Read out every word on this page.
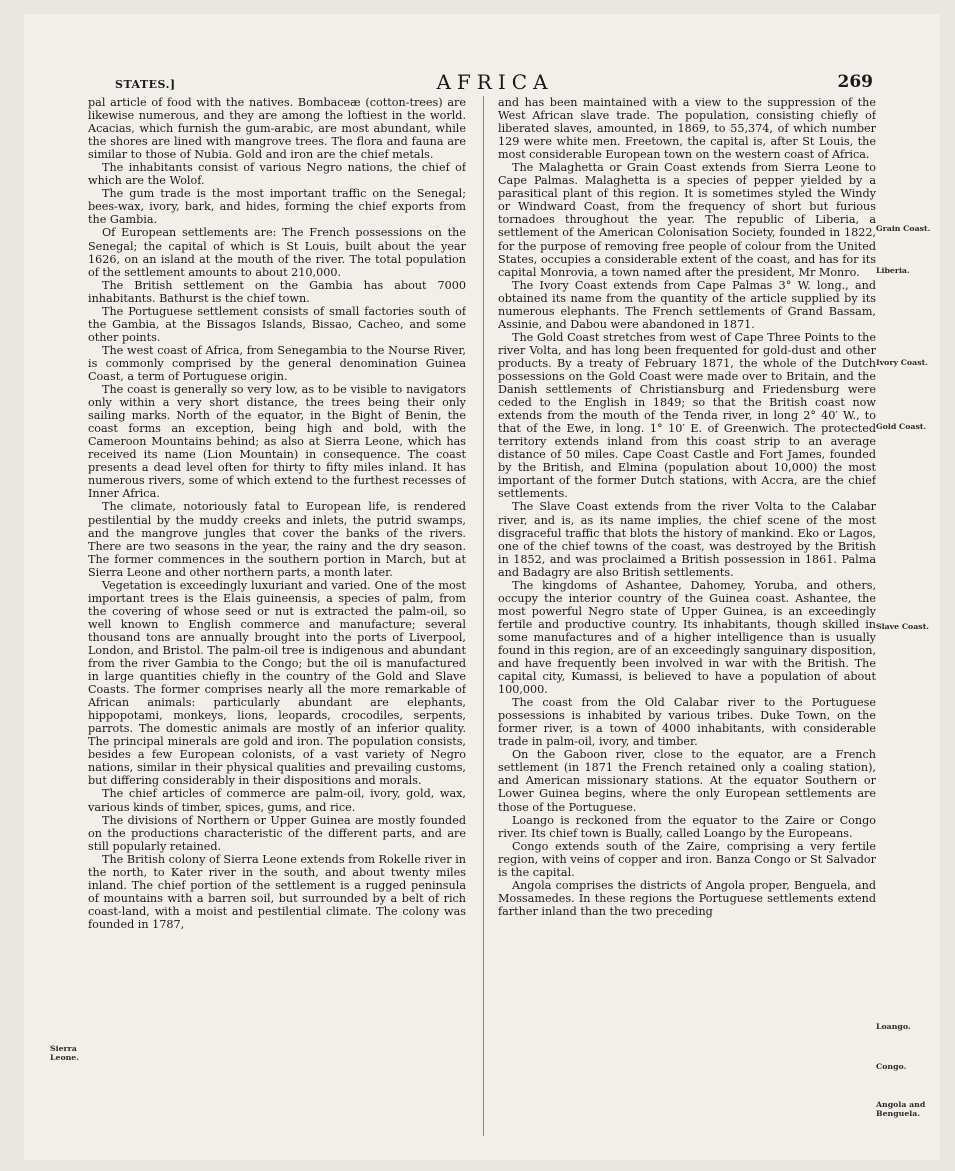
STATES.]	AFRICA	269

pal article of food with the natives. Bombaceæ (cotton-trees) are likewise numerous, and they are among the loftiest in the world. Acacias, which furnish the gum-arabic, are most abundant, while the shores are lined with mangrove trees. The flora and fauna are similar to those of Nubia. Gold and iron are the chief metals.

The inhabitants consist of various Negro nations, the chief of which are the Wolof.

The gum trade is the most important traffic on the Senegal; bees-wax, ivory, bark, and hides, forming the chief exports from the Gambia.

Of European settlements are: The French possessions on the Senegal; the capital of which is St Louis, built about the year 1626, on an island at the mouth of the river. The total population of the settlement amounts to about 210,000.

The British settlement on the Gambia has about 7000 inhabitants. Bathurst is the chief town.

The Portuguese settlement consists of small factories south of the Gambia, at the Bissagos Islands, Bissao, Cacheo, and some other points.

The west coast of Africa, from Senegambia to the Nourse River, is commonly comprised by the general denomination Guinea Coast, a term of Portuguese origin.

The coast is generally so very low, as to be visible to navigators only within a very short distance, the trees being their only sailing marks. North of the equator, in the Bight of Benin, the coast forms an exception, being high and bold, with the Cameroon Mountains behind; as also at Sierra Leone, which has received its name (Lion Mountain) in consequence. The coast presents a dead level often for thirty to fifty miles inland. It has numerous rivers, some of which extend to the furthest recesses of Inner Africa.

The climate, notoriously fatal to European life, is rendered pestilential by the muddy creeks and inlets, the putrid swamps, and the mangrove jungles that cover the banks of the rivers. There are two seasons in the year, the rainy and the dry season. The former commences in the southern portion in March, but at Sierra Leone and other northern parts, a month later.

Vegetation is exceedingly luxuriant and varied. One of the most important trees is the Elais guineensis, a species of palm, from the covering of whose seed or nut is extracted the palm-oil, so well known to English commerce and manufacture; several thousand tons are annually brought into the ports of Liverpool, London, and Bristol. The palm-oil tree is indigenous and abundant from the river Gambia to the Congo; but the oil is manufactured in large quantities chiefly in the country of the Gold and Slave Coasts. The former comprises nearly all the more remarkable of African animals: particularly abundant are elephants, hippopotami, monkeys, lions, leopards, crocodiles, serpents, parrots. The domestic animals are mostly of an inferior quality. The principal minerals are gold and iron. The population consists, besides a few European colonists, of a vast variety of Negro nations, similar in their physical qualities and prevailing customs, but differing considerably in their dispositions and morals.

The chief articles of commerce are palm-oil, ivory, gold, wax, various kinds of timber, spices, gums, and rice.

The divisions of Northern or Upper Guinea are mostly founded on the productions characteristic of the different parts, and are still popularly retained.

The British colony of Sierra Leone extends from Rokelle river in the north, to Kater river in the south, and about twenty miles inland. The chief portion of the settlement is a rugged peninsula of mountains with a barren soil, but surrounded by a belt of rich coast-land, with a moist and pestilential climate. The colony was founded in 1787,

and has been maintained with a view to the suppression of the West African slave trade. The population, consisting chiefly of liberated slaves, amounted, in 1869, to 55,374, of which number 129 were white men. Freetown, the capital is, after St Louis, the most considerable European town on the western coast of Africa.

The Malaghetta or Grain Coast extends from Sierra Leone to Cape Palmas. Malaghetta is a species of pepper yielded by a parasitical plant of this region. It is sometimes styled the Windy or Windward Coast, from the frequency of short but furious tornadoes throughout the year. The republic of Liberia, a settlement of the American Colonisation Society, founded in 1822, for the purpose of removing free people of colour from the United States, occupies a considerable extent of the coast, and has for its capital Monrovia, a town named after the president, Mr Monro.

The Ivory Coast extends from Cape Palmas 3° W. long., and obtained its name from the quantity of the article supplied by its numerous elephants. The French settlements of Grand Bassam, Assinie, and Dabou were abandoned in 1871.

The Gold Coast stretches from west of Cape Three Points to the river Volta, and has long been frequented for gold-dust and other products. By a treaty of February 1871, the whole of the Dutch possessions on the Gold Coast were made over to Britain, and the Danish settlements of Christiansburg and Friedensburg were ceded to the English in 1849; so that the British coast now extends from the mouth of the Tenda river, in long 2° 40′ W., to that of the Ewe, in long. 1° 10′ E. of Greenwich. The protected territory extends inland from this coast strip to an average distance of 50 miles. Cape Coast Castle and Fort James, founded by the British, and Elmina (population about 10,000) the most important of the former Dutch stations, with Accra, are the chief settlements.

The Slave Coast extends from the river Volta to the Calabar river, and is, as its name implies, the chief scene of the most disgraceful traffic that blots the history of mankind. Eko or Lagos, one of the chief towns of the coast, was destroyed by the British in 1852, and was proclaimed a British possession in 1861. Palma and Badagry are also British settlements.

The kingdoms of Ashantee, Dahomey, Yoruba, and others, occupy the interior country of the Guinea coast. Ashantee, the most powerful Negro state of Upper Guinea, is an exceedingly fertile and productive country. Its inhabitants, though skilled in some manufactures and of a higher intelligence than is usually found in this region, are of an exceedingly sanguinary disposition, and have frequently been involved in war with the British. The capital city, Kumassi, is believed to have a population of about 100,000.

The coast from the Old Calabar river to the Portuguese possessions is inhabited by various tribes. Duke Town, on the former river, is a town of 4000 inhabitants, with considerable trade in palm-oil, ivory, and timber.

On the Gaboon river, close to the equator, are a French settlement (in 1871 the French retained only a coaling station), and American missionary stations. At the equator Southern or Lower Guinea begins, where the only European settlements are those of the Portuguese.

Loango is reckoned from the equator to the Zaire or Congo river. Its chief town is Bually, called Loango by the Europeans.

Congo extends south of the Zaire, comprising a very fertile region, with veins of copper and iron. Banza Congo or St Salvador is the capital.

Angola comprises the districts of Angola proper, Benguela, and Mossamedes. In these regions the Portuguese settlements extend farther inland than the two preceding

Sierra Leone.
Grain Coast.
Liberia.
Ivory Coast.
Gold Coast.
Slave Coast.
Loango.
Congo.
Angola and Benguela.
